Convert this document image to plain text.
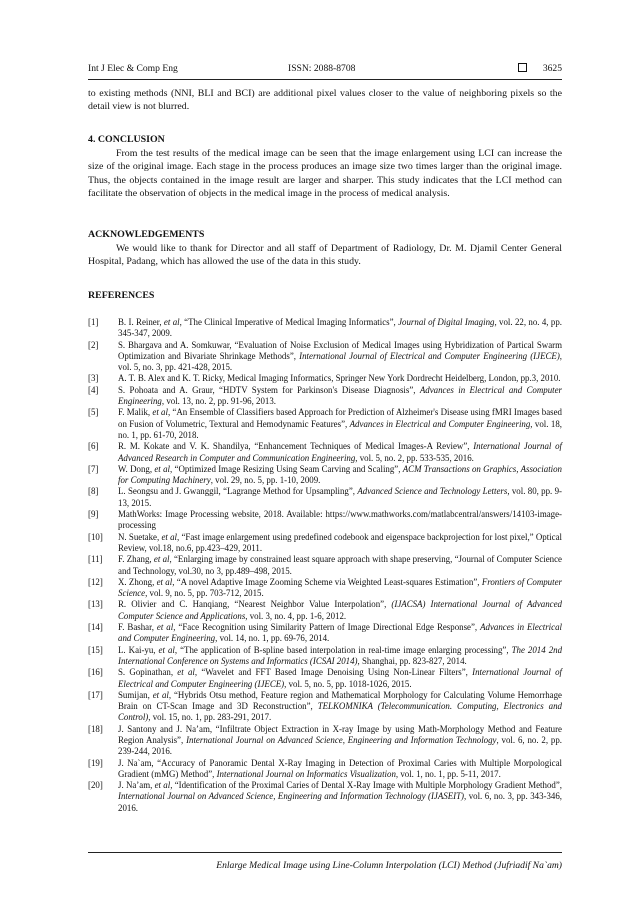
Int J Elec & Comp Eng	ISSN: 2088-8708	3625
to existing methods (NNI, BLI and BCI) are additional pixel values closer to the value of neighboring pixels so the detail view is not blurred.
4. CONCLUSION
From the test results of the medical image can be seen that the image enlargement using LCI can increase the size of the original image. Each stage in the process produces an image size two times larger than the original image. Thus, the objects contained in the image result are larger and sharper. This study indicates that the LCI method can facilitate the observation of objects in the medical image in the process of medical analysis.
ACKNOWLEDGEMENTS
We would like to thank for Director and all staff of Department of Radiology, Dr. M. Djamil Center General Hospital, Padang, which has allowed the use of the data in this study.
REFERENCES
[1]	B. I. Reiner, et al, “The Clinical Imperative of Medical Imaging Informatics”, Journal of Digital Imaging, vol. 22, no. 4, pp. 345-347, 2009.
[2]	S. Bhargava and A. Somkuwar, “Evaluation of Noise Exclusion of Medical Images using Hybridization of Partical Swarm Optimization and Bivariate Shrinkage Methods”, International Journal of Electrical and Computer Engineering (IJECE), vol. 5, no. 3, pp. 421-428, 2015.
[3]	A. T. B. Alex and K. T. Ricky, Medical Imaging Informatics, Springer New York Dordrecht Heidelberg, London, pp.3, 2010.
[4]	S. Pohoata and A. Graur, “HDTV System for Parkinson's Disease Diagnosis”, Advances in Electrical and Computer Engineering, vol. 13, no. 2, pp. 91-96, 2013.
[5]	F. Malik, et al, “An Ensemble of Classifiers based Approach for Prediction of Alzheimer's Disease using fMRI Images based on Fusion of Volumetric, Textural and Hemodynamic Features”, Advances in Electrical and Computer Engineering, vol. 18, no. 1, pp. 61-70, 2018.
[6]	R. M. Kokate and V. K. Shandilya, “Enhancement Techniques of Medical Images-A Review”, International Journal of Advanced Research in Computer and Communication Engineering, vol. 5, no. 2, pp. 533-535, 2016.
[7]	W. Dong, et al, “Optimized Image Resizing Using Seam Carving and Scaling”, ACM Transactions on Graphics, Association for Computing Machinery, vol. 29, no. 5, pp. 1-10, 2009.
[8]	L. Seongsu and J. Gwanggil, “Lagrange Method for Upsampling”, Advanced Science and Technology Letters, vol. 80, pp. 9-13, 2015.
[9]	MathWorks: Image Processing website, 2018. Available: https://www.mathworks.com/matlabcentral/answers/14103-image-processing
[10]	N. Suetake, et al, “Fast image enlargement using predefined codebook and eigenspace backprojection for lost pixel,” Optical Review, vol.18, no.6, pp.423–429, 2011.
[11]	F. Zhang, et al, “Enlarging image by constrained least square approach with shape preserving, “Journal of Computer Science and Technology, vol.30, no 3, pp.489–498, 2015.
[12]	X. Zhong, et al, “A novel Adaptive Image Zooming Scheme via Weighted Least-squares Estimation”, Frontiers of Computer Science, vol. 9, no. 5, pp. 703-712, 2015.
[13]	R. Olivier and C. Hanqiang, “Nearest Neighbor Value Interpolation”, (IJACSA) International Journal of Advanced Computer Science and Applications, vol. 3, no. 4, pp. 1-6, 2012.
[14]	F. Bashar, et al, “Face Recognition using Similarity Pattern of Image Directional Edge Response”, Advances in Electrical and Computer Engineering, vol. 14, no. 1, pp. 69-76, 2014.
[15]	L. Kai-yu, et al, “The application of B-spline based interpolation in real-time image enlarging processing”, The 2014 2nd International Conference on Systems and Informatics (ICSAI 2014), Shanghai, pp. 823-827, 2014.
[16]	S. Gopinathan, et al, “Wavelet and FFT Based Image Denoising Using Non-Linear Filters”, International Journal of Electrical and Computer Engineering (IJECE), vol. 5, no. 5, pp. 1018-1026, 2015.
[17]	Sumijan, et al, “Hybrids Otsu method, Feature region and Mathematical Morphology for Calculating Volume Hemorrhage Brain on CT-Scan Image and 3D Reconstruction”, TELKOMNIKA (Telecommunication. Computing, Electronics and Control), vol. 15, no. 1, pp. 283-291, 2017.
[18]	J. Santony and J. Na’am, “Infiltrate Object Extraction in X-ray Image by using Math-Morphology Method and Feature Region Analysis”, International Journal on Advanced Science, Engineering and Information Technology, vol. 6, no. 2, pp. 239-244, 2016.
[19]	J. Na`am, “Accuracy of Panoramic Dental X-Ray Imaging in Detection of Proximal Caries with Multiple Morpological Gradient (mMG) Method”, International Journal on Informatics Visualization, vol. 1, no. 1, pp. 5-11, 2017.
[20]	J. Na’am, et al, “Identification of the Proximal Caries of Dental X-Ray Image with Multiple Morphology Gradient Method”, International Journal on Advanced Science, Engineering and Information Technology (IJASEIT), vol. 6, no. 3, pp. 343-346, 2016.
Enlarge Medical Image using Line-Column Interpolation (LCI) Method (Jufriadif Na`am)
